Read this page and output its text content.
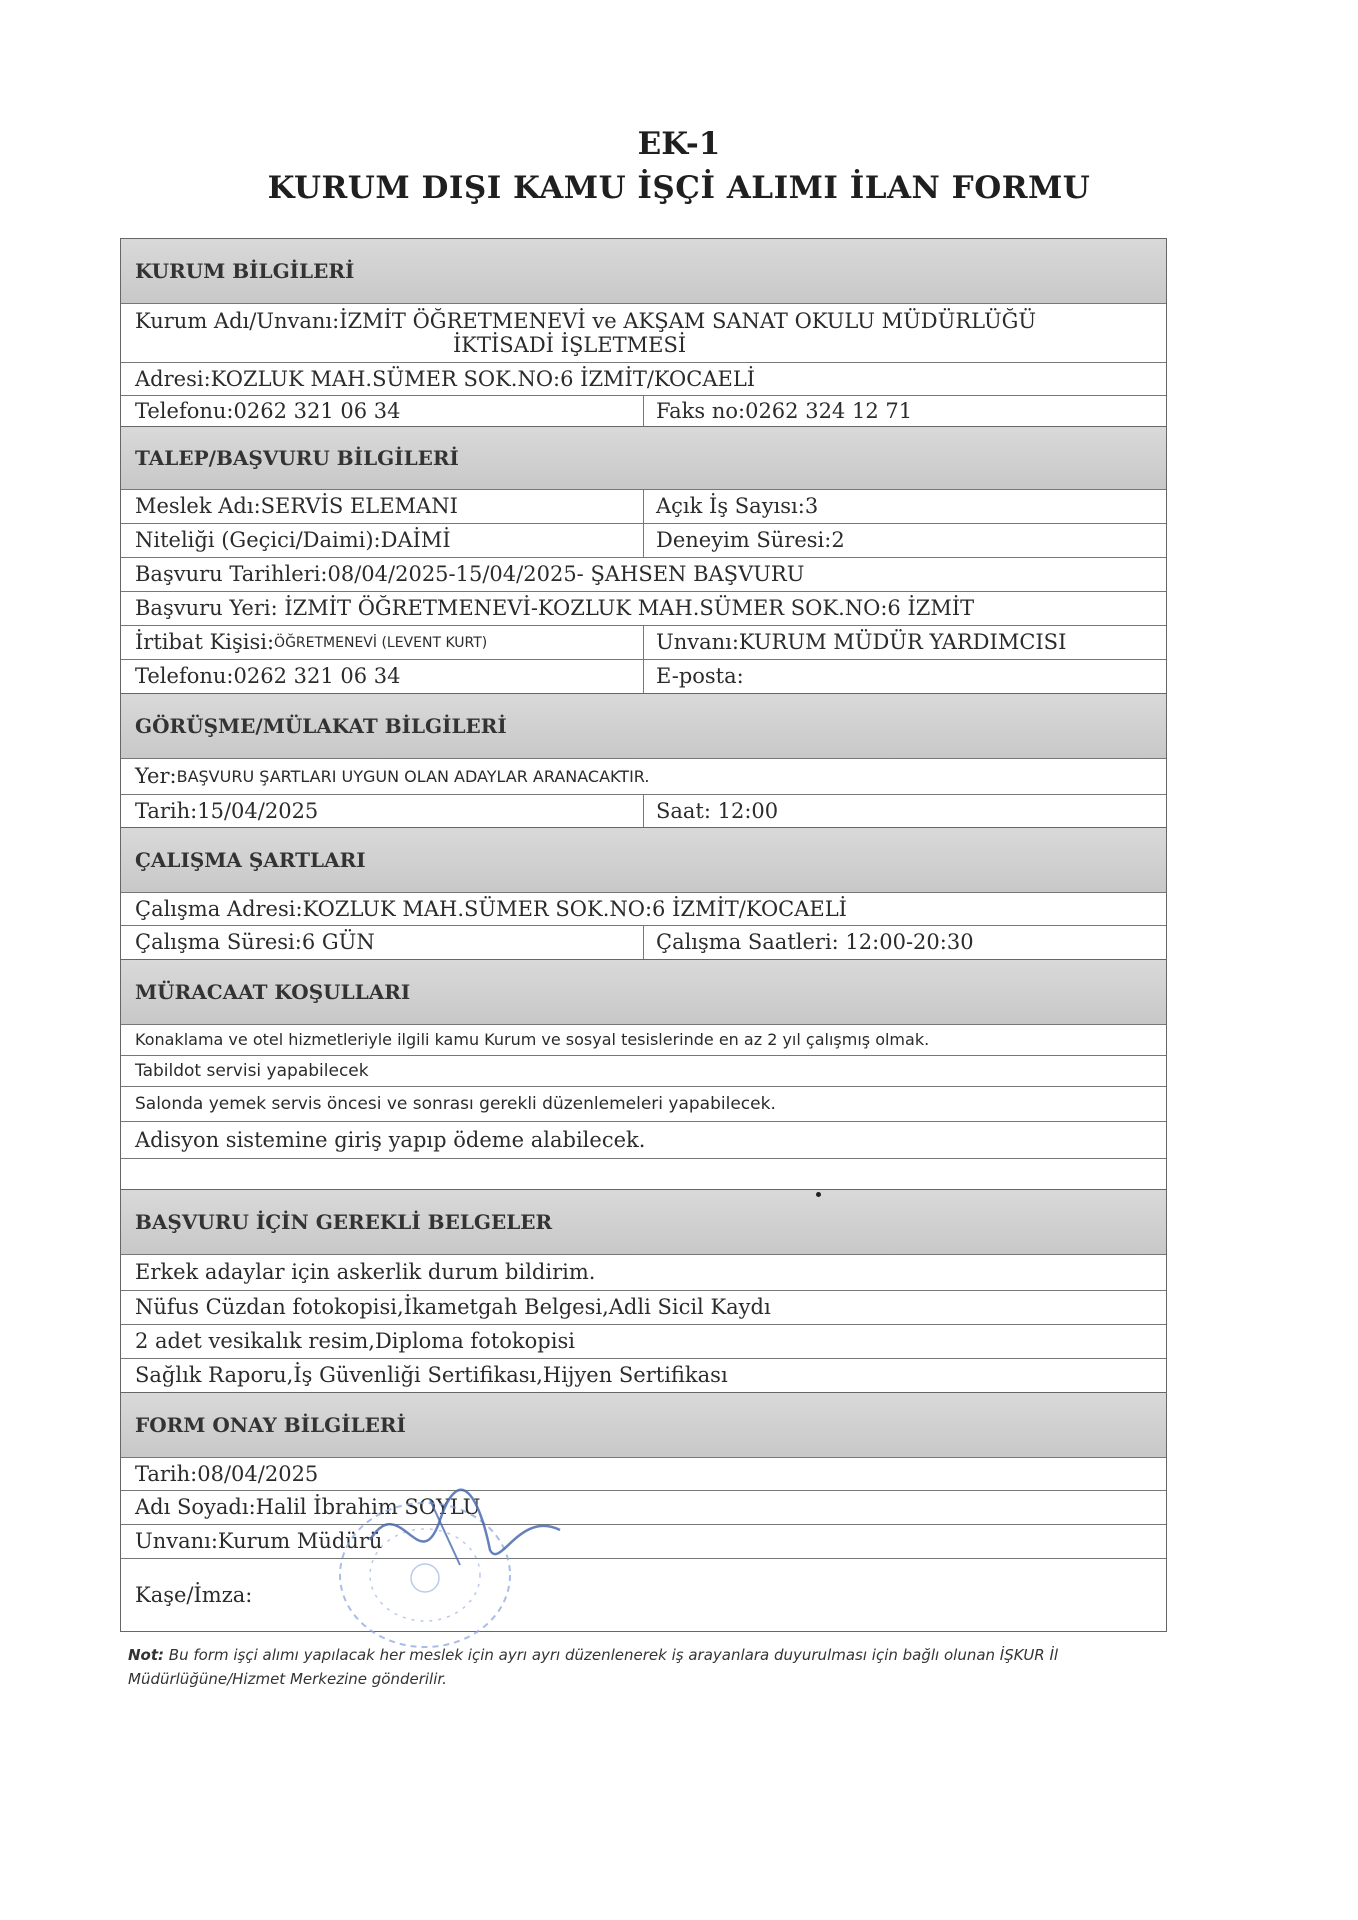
EK-1
KURUM DIŞI KAMU İŞÇİ ALIMI İLAN FORMU
KURUM BİLGİLERİ
Kurum Adı/Unvanı:İZMİT ÖĞRETMENEVİ ve AKŞAM SANAT OKULU MÜDÜRLÜĞÜ
İKTİSADİ İŞLETMESİ
Adresi:KOZLUK MAH.SÜMER SOK.NO:6 İZMİT/KOCAELİ
Telefonu:0262 321 06 34	Faks no:0262 324 12 71
TALEP/BAŞVURU BİLGİLERİ
Meslek Adı:SERVİS ELEMANI	Açık İş Sayısı:3
Niteliği (Geçici/Daimi):DAİMİ	Deneyim Süresi:2
Başvuru Tarihleri:08/04/2025-15/04/2025- ŞAHSEN BAŞVURU
Başvuru Yeri: İZMİT ÖĞRETMENEVİ-KOZLUK MAH.SÜMER SOK.NO:6 İZMİT
İrtibat Kişisi: ÖĞRETMENEVİ (LEVENT KURT)	Unvanı:KURUM MÜDÜR YARDIMCISI
Telefonu:0262 321 06 34	E-posta:
GÖRÜŞME/MÜLAKAT BİLGİLERİ
Yer: BAŞVURU ŞARTLARI UYGUN OLAN ADAYLAR ARANACAKTIR.
Tarih:15/04/2025	Saat: 12:00
ÇALIŞMA ŞARTLARI
Çalışma Adresi:KOZLUK MAH.SÜMER SOK.NO:6 İZMİT/KOCAELİ
Çalışma Süresi:6 GÜN	Çalışma Saatleri: 12:00-20:30
MÜRACAAT KOŞULLARI
Konaklama ve otel hizmetleriyle ilgili kamu Kurum ve sosyal tesislerinde en az 2 yıl çalışmış olmak.
Tabildot servisi yapabilecek
Salonda yemek servis öncesi ve sonrası gerekli düzenlemeleri yapabilecek.
Adisyon sistemine giriş yapıp ödeme alabilecek.
BAŞVURU İÇİN GEREKLİ BELGELER
Erkek adaylar için askerlik durum bildirim.
Nüfus Cüzdan fotokopisi,İkametgah Belgesi,Adli Sicil Kaydı
2 adet vesikalık resim,Diploma fotokopisi
Sağlık Raporu,İş Güvenliği Sertifikası,Hijyen Sertifikası
FORM ONAY BİLGİLERİ
Tarih:08/04/2025
Adı Soyadı:Halil İbrahim SOYLU
Unvanı:Kurum Müdürü
Kaşe/İmza:
Not: Bu form işçi alımı yapılacak her meslek için ayrı ayrı düzenlenerek iş arayanlara duyurulması için bağlı olunan İŞKUR İl Müdürlüğüne/Hizmet Merkezine gönderilir.
